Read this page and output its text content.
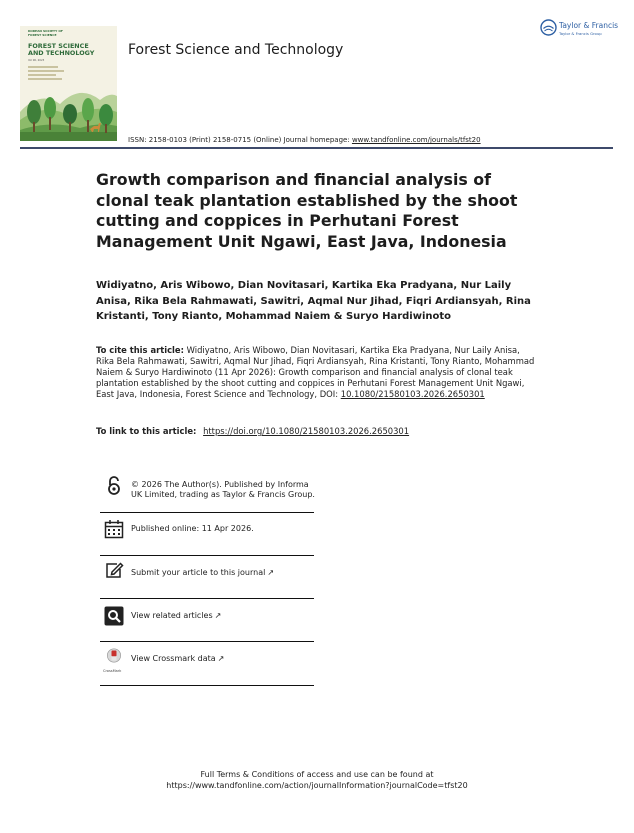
KOREAN SOCIETY OF
FOREST SCIENCE
FOREST SCIENCE
AND TECHNOLOGY
Vol 00, 2023
Forest Science and Technology
Taylor & Francis
Taylor & Francis Group
ISSN: 2158-0103 (Print) 2158-0715 (Online) Journal homepage: www.tandfonline.com/journals/tfst20
Growth comparison and financial analysis of clonal teak plantation established by the shoot cutting and coppices in Perhutani Forest Management Unit Ngawi, East Java, Indonesia
Widiyatno, Aris Wibowo, Dian Novitasari, Kartika Eka Pradyana, Nur Laily Anisa, Rika Bela Rahmawati, Sawitri, Aqmal Nur Jihad, Fiqri Ardiansyah, Rina Kristanti, Tony Rianto, Mohammad Naiem & Suryo Hardiwinoto
To cite this article: Widiyatno, Aris Wibowo, Dian Novitasari, Kartika Eka Pradyana, Nur Laily Anisa, Rika Bela Rahmawati, Sawitri, Aqmal Nur Jihad, Fiqri Ardiansyah, Rina Kristanti, Tony Rianto, Mohammad Naiem & Suryo Hardiwinoto (11 Apr 2026): Growth comparison and financial analysis of clonal teak plantation established by the shoot cutting and coppices in Perhutani Forest Management Unit Ngawi, East Java, Indonesia, Forest Science and Technology, DOI: 10.1080/21580103.2026.2650301
To link to this article: https://doi.org/10.1080/21580103.2026.2650301
© 2026 The Author(s). Published by Informa UK Limited, trading as Taylor & Francis Group.
Published online: 11 Apr 2026.
Submit your article to this journal ↗
View related articles ↗
CrossMark
View Crossmark data ↗
Full Terms & Conditions of access and use can be found at
https://www.tandfonline.com/action/journalInformation?journalCode=tfst20
